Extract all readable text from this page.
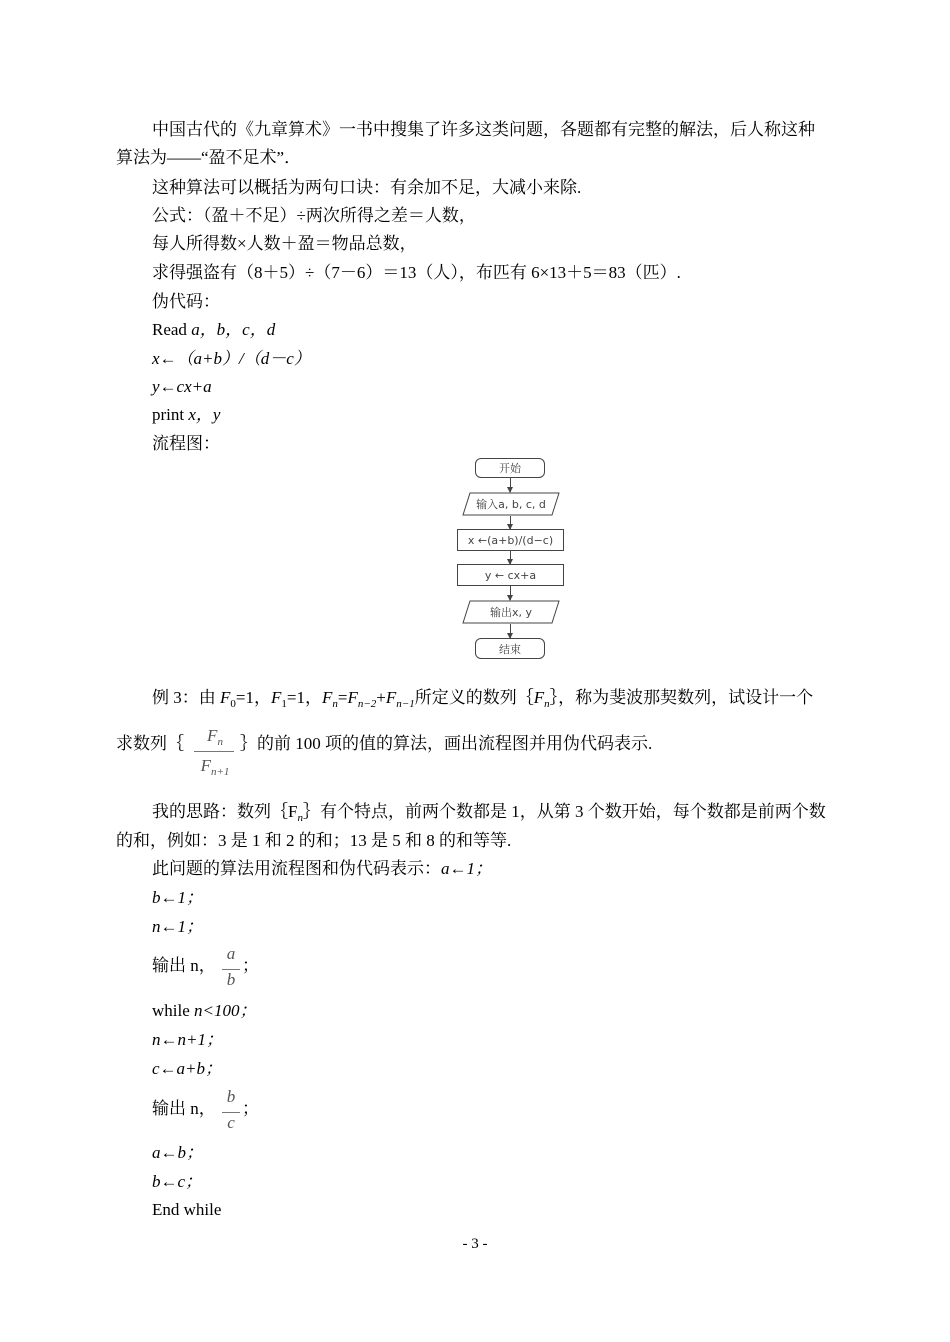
中国古代的《九章算术》一书中搜集了许多这类问题，各题都有完整的解法，后人称这种
算法为——“盈不足术”．
这种算法可以概括为两句口诀：有余加不足，大减小来除.
公式：（盈＋不足）÷两次所得之差＝人数，
每人所得数×人数＋盈＝物品总数，
求得强盗有（8＋5）÷（7－6）＝13（人），布匹有 6×13＋5＝83（匹）.
伪代码：
Read a，b，c，d
x←（a+b）/（d－c）
y←cx+a
print x，y
流程图：
开始
输入a, b, c, d
x ←(a+b)/(d−c)
y ← cx+a
输出x, y
结束
例 3：由 $F_0=1$，$F_1=1$，$F_n=F_{n-2}+F_{n-1}$所定义的数列$\{F_n\}$，称为斐波那契数列，试设计一个
求数列｛	$F_n$
$F_{n+1}$
｝的前 100 项的值的算法，画出流程图并用伪代码表示.
我的思路：数列$\{F_n\}$有个特点，前两个数都是 1，从第 3 个数开始，每个数都是前两个数
的和，例如：3 是 1 和 2 的和；13 是 5 和 8 的和等等.
此问题的算法用流程图和伪代码表示：a←1；
b←1；
n←1；
输出 n，
a
b
；
while n<100；
n←n+1；
c←a+b；
输出 n，
b
c
；
a←b；
b←c；
End while
- 3 -
